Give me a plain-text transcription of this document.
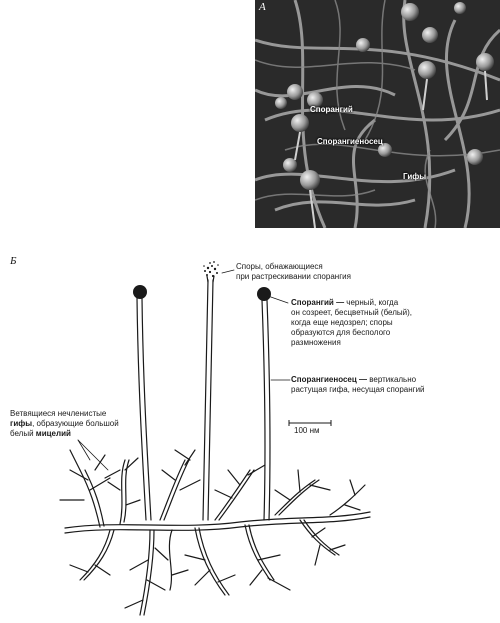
А
Спорангий
Спорангиеносец
Гифы
Б	Споры, обнажающиеся
при растрескивании спорангия
Спорангий — черный, когда
он созреет, бесцветный (белый),
когда еще недозрел; споры
образуются для бесполого
размножения
Спорангиеносец — вертикально
растущая гифа, несущая спорангий
Ветвящиеся нечленистые
гифы, образующие большой
белый мицелий	100 нм
